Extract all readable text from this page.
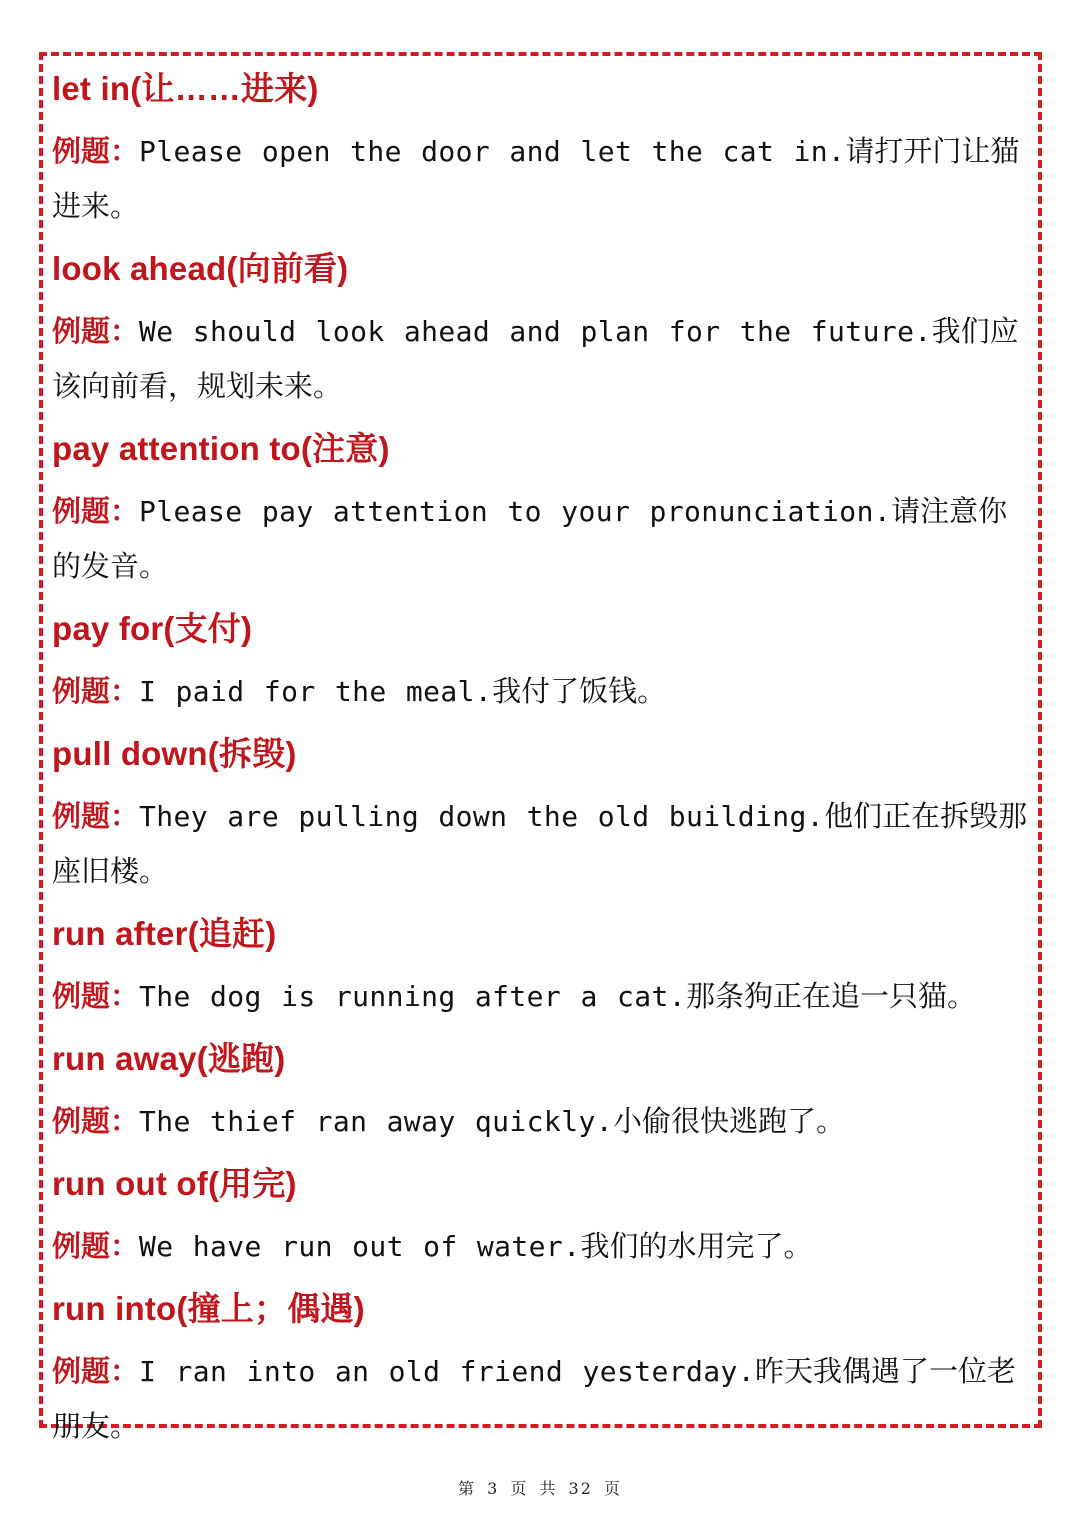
let in(让……进来)
例题：Please open the door and let the cat in.请打开门让猫进来。
look ahead(向前看)
例题：We should look ahead and plan for the future.我们应该向前看，规划未来。
pay attention to(注意)
例题：Please pay attention to your pronunciation.请注意你的发音。
pay for(支付)
例题：I paid for the meal.我付了饭钱。
pull down(拆毁)
例题：They are pulling down the old building.他们正在拆毁那座旧楼。
run after(追赶)
例题：The dog is running after a cat.那条狗正在追一只猫。
run away(逃跑)
例题：The thief ran away quickly.小偷很快逃跑了。
run out of(用完)
例题：We have run out of water.我们的水用完了。
run into(撞上；偶遇)
例题：I ran into an old friend yesterday.昨天我偶遇了一位老朋友。
第 3 页 共 32 页
